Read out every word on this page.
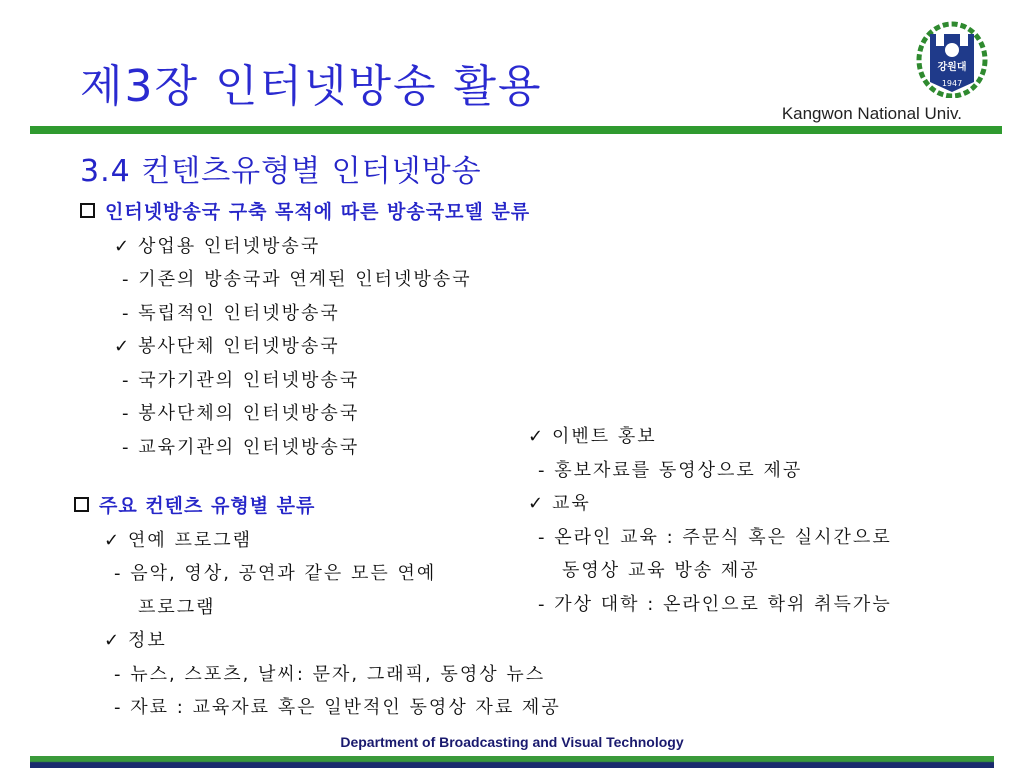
제3장 인터넷방송 활용	강원대
1947
Kangwon National Univ.
3.4 컨텐츠유형별 인터넷방송
인터넷방송국 구축 목적에 따른 방송국모델 분류
✓ 상업용 인터넷방송국
- 기존의 방송국과 연계된 인터넷방송국
- 독립적인 인터넷방송국
✓ 봉사단체 인터넷방송국
- 국가기관의 인터넷방송국
- 봉사단체의 인터넷방송국
- 교육기관의 인터넷방송국
주요 컨텐츠 유형별 분류
✓ 연예 프로그램
- 음악, 영상, 공연과 같은 모든 연예
프로그램
✓ 정보
- 뉴스, 스포츠, 날씨: 문자, 그래픽, 동영상 뉴스
- 자료 : 교육자료 혹은 일반적인 동영상 자료 제공
✓ 이벤트 홍보
- 홍보자료를 동영상으로 제공
✓ 교육
- 온라인 교육 : 주문식 혹은 실시간으로
동영상 교육 방송 제공
- 가상 대학 : 온라인으로 학위 취득가능
Department of Broadcasting and Visual Technology
